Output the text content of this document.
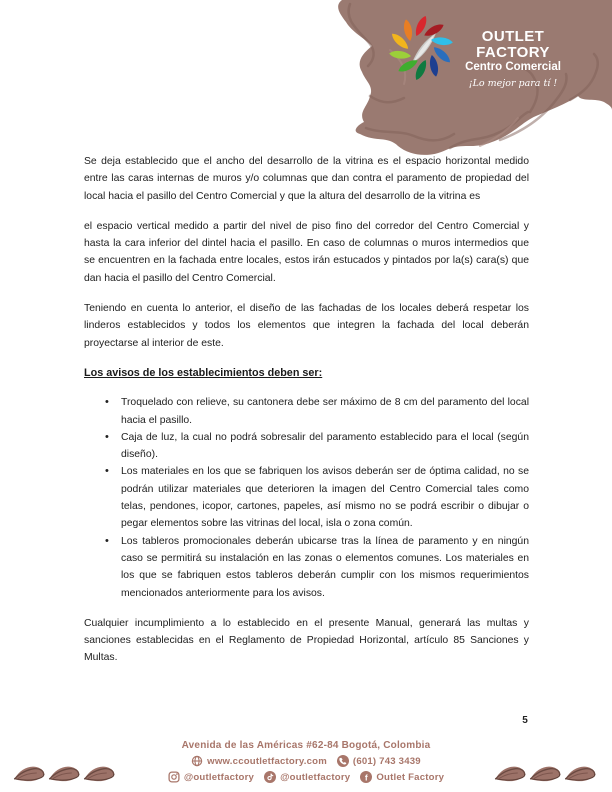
OUTLET FACTORY
Centro Comercial
¡Lo mejor para tí !

Se deja establecido que el ancho del desarrollo de la vitrina es el espacio horizontal medido entre las caras internas de muros y/o columnas que dan contra el paramento de propiedad del local hacia el pasillo del Centro Comercial y que la altura del desarrollo de la vitrina es

el espacio vertical medido a partir del nivel de piso fino del corredor del Centro Comercial y hasta la cara inferior del dintel hacia el pasillo. En caso de columnas o muros intermedios que se encuentren en la fachada entre locales, estos irán estucados y pintados por la(s) cara(s) que dan hacia el pasillo del Centro Comercial.

Teniendo en cuenta lo anterior, el diseño de las fachadas de los locales deberá respetar los linderos establecidos y todos los elementos que integren la fachada del local deberán proyectarse al interior de este.

Los avisos de los establecimientos deben ser:
• Troquelado con relieve, su cantonera debe ser máximo de 8 cm del paramento del local hacia el pasillo.
• Caja de luz, la cual no podrá sobresalir del paramento establecido para el local (según diseño).
• Los materiales en los que se fabriquen los avisos deberán ser de óptima calidad, no se podrán utilizar materiales que deterioren la imagen del Centro Comercial tales como telas, pendones, icopor, cartones, papeles, así mismo no se podrá escribir o dibujar o pegar elementos sobre las vitrinas del local, isla o zona común.
• Los tableros promocionales deberán ubicarse tras la línea de paramento y en ningún caso se permitirá su instalación en las zonas o elementos comunes. Los materiales en los que se fabriquen estos tableros deberán cumplir con los mismos requerimientos mencionados anteriormente para los avisos.

Cualquier incumplimiento a lo establecido en el presente Manual, generará las multas y sanciones establecidas en el Reglamento de Propiedad Horizontal, artículo 85 Sanciones y Multas.

5
Avenida de las Américas #62-84 Bogotá, Colombia
www.ccoutletfactory.com	(601) 743 3439
@outletfactory	@outletfactory f Outlet Factory
